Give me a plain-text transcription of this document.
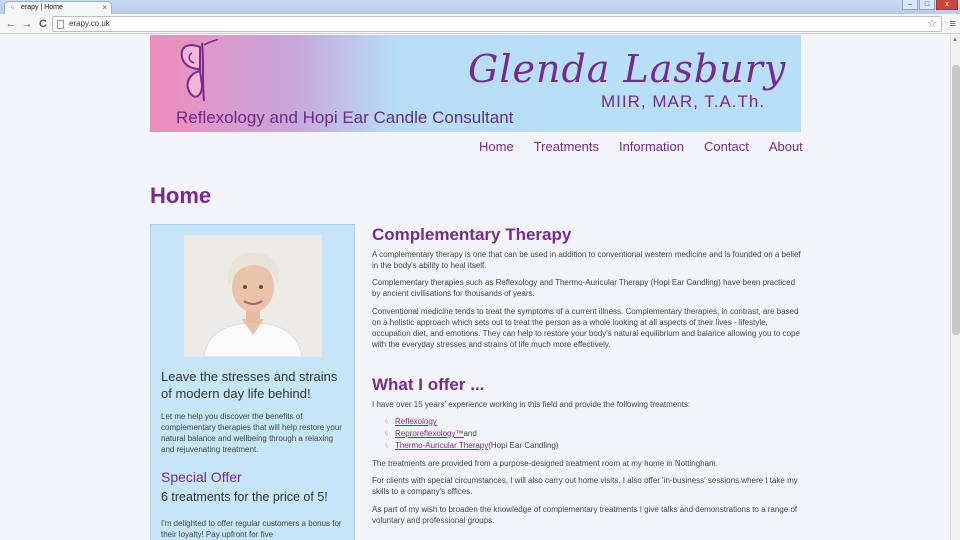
ᛃ erapy | Home	×	–	□	x
← → C	erapy.co.uk	☆ ≡
▲
Glenda Lasbury
MIIR, MAR, T.A.Th.
Reflexology and Hopi Ear Candle Consultant
Home Treatments Information Contact About
Home
Leave the stresses and strains of modern day life behind!

Let me help you discover the benefits of complementary therapies that will help restore your natural balance and wellbeing through a relaxing and rejuvenating treatment.

Special Offer
6 treatments for the price of 5!

I'm delighted to offer regular customers a bonus for their loyalty! Pay upfront for five

Complementary Therapy

A complementary therapy is one that can be used in addition to conventional western medicine and is founded on a belief in the body's ability to heal itself.

Complementary therapies such as Reflexology and Thermo-Auricular Therapy (Hopi Ear Candling) have been practiced by ancient civilisations for thousands of years.

Conventional medicine tends to treat the symptoms of a current illness. Complementary therapies, in contrast, are based on a holistic approach which sets out to treat the person as a whole looking at all aspects of their lives - lifestyle, occupation diet, and emotions. They can help to restore your body's natural equilibrium and balance allowing you to cope with the everyday stresses and strains of life much more effectively.

What I offer ...

I have over 15 years' experience working in this field and provide the following treatments:

ᛃ Reflexology
ᛃ Reproreflexology™ and
ᛃ Thermo-Auricular Therapy (Hopi Ear Candling)

The treatments are provided from a purpose-designed treatment room at my home in Nottingham.

For clients with special circumstances, I will also carry out home visits. I also offer 'in-business' sessions where I take my skills to a company's offices.

As part of my wish to broaden the knowledge of complementary treatments I give talks and demonstrations to a range of voluntary and professional groups.
